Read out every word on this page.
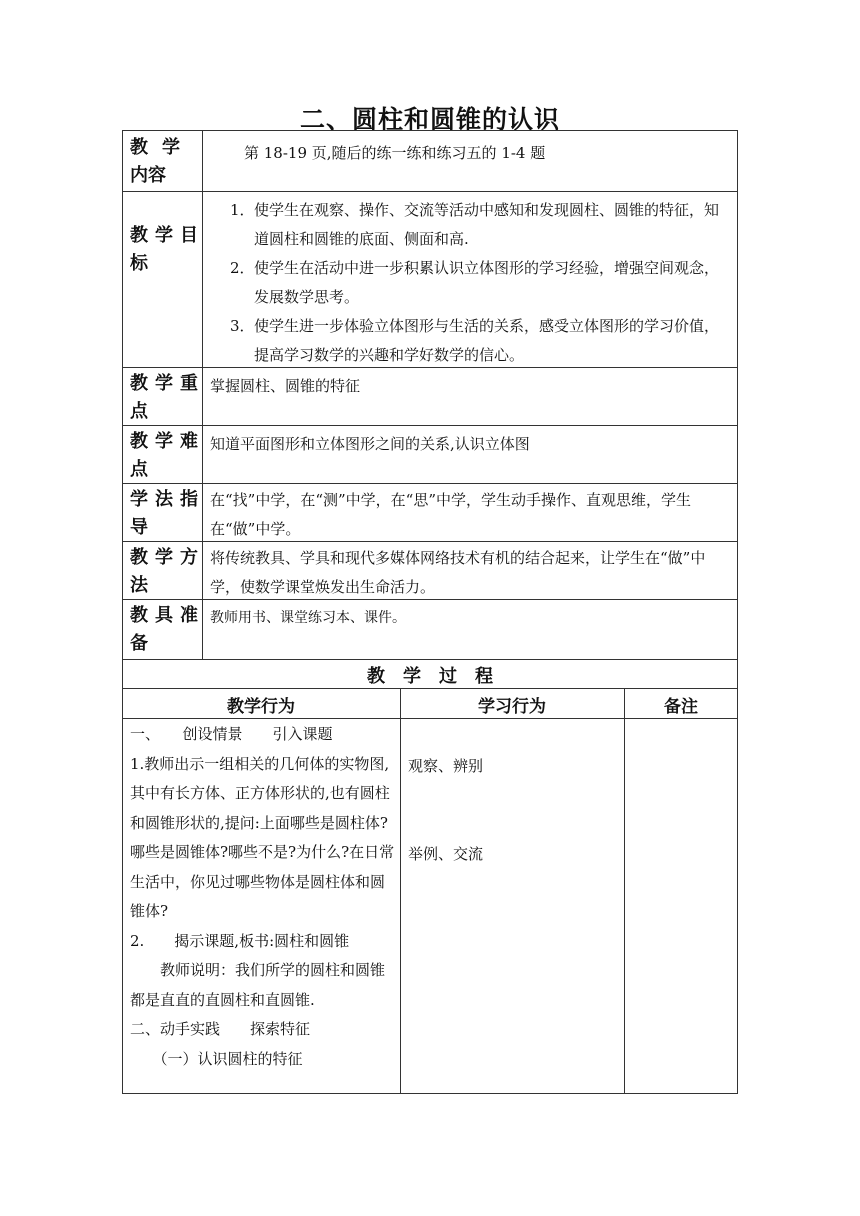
二、圆柱和圆锥的认识
教学内容
第 18-19 页,随后的练一练和练习五的 1-4 题
教学目标

1．使学生在观察、操作、交流等活动中感知和发现圆柱、圆锥的特征，知道圆柱和圆锥的底面、侧面和高.

2．使学生在活动中进一步积累认识立体图形的学习经验，增强空间观念，发展数学思考。

3．使学生进一步体验立体图形与生活的关系，感受立体图形的学习价值，提高学习数学的兴趣和学好数学的信心。

教学重点
掌握圆柱、圆锥的特征
教学难点
知道平面图形和立体图形之间的关系,认识立体图
学法指导
在“找”中学，在“测”中学，在“思”中学，学生动手操作、直观思维，学生在“做”中学。
教学方法
将传统教具、学具和现代多媒体网络技术有机的结合起来，让学生在“做”中学，使数学课堂焕发出生命活力。
教具准备
教师用书、课堂练习本、课件。
教　学　过　程
教学行为	学习行为	备注

一、　　创设情景　　引入课题

1.教师出示一组相关的几何体的实物图,其中有长方体、正方体形状的,也有圆柱和圆锥形状的,提问:上面哪些是圆柱体? 哪些是圆锥体?哪些不是?为什么?在日常生活中，你见过哪些物体是圆柱体和圆锥体?

2.　　揭示课题,板书:圆柱和圆锥

　　教师说明：我们所学的圆柱和圆锥都是直直的直圆柱和直圆锥.

二、动手实践　　探索特征

　　（一）认识圆柱的特征

观察、辨别
举例、交流
